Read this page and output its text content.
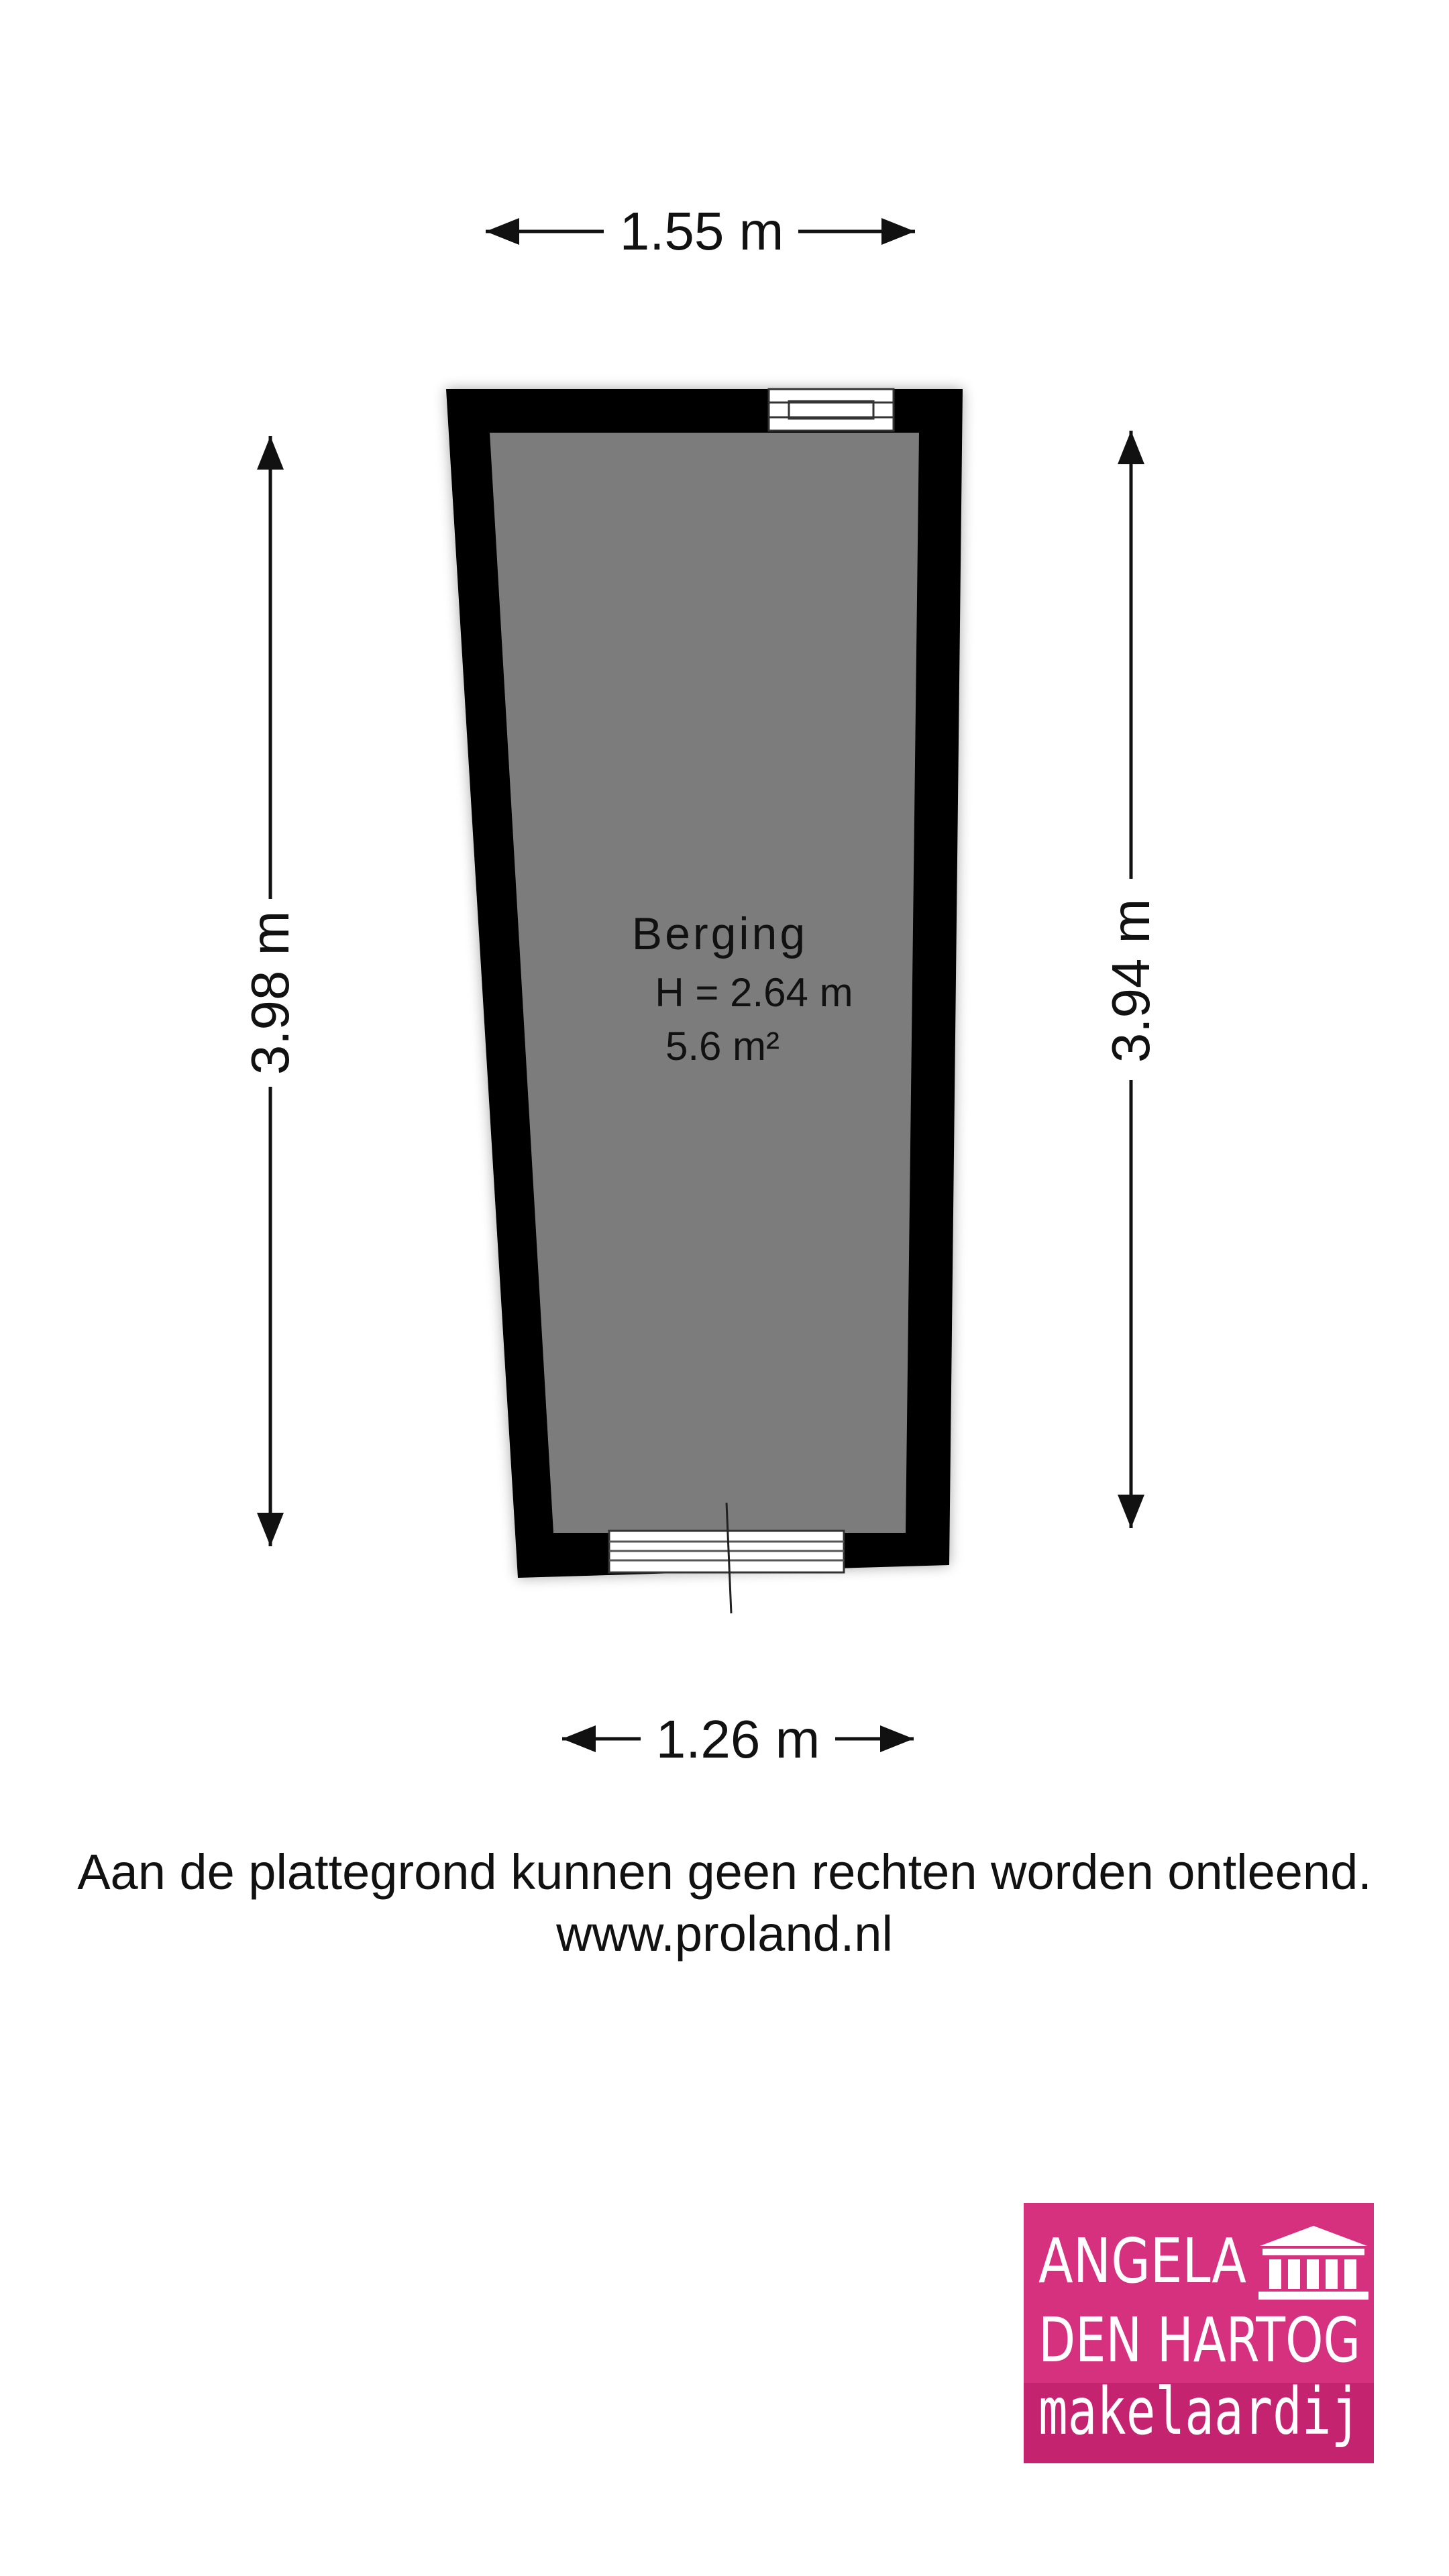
1.55 m
1.26 m
3.98 m	3.94 m
Berging
H = 2.64 m
5.6 m²
Aan de plattegrond kunnen geen rechten worden ontleend.
www.proland.nl
ANGELA
DEN HARTOG
makelaardij
